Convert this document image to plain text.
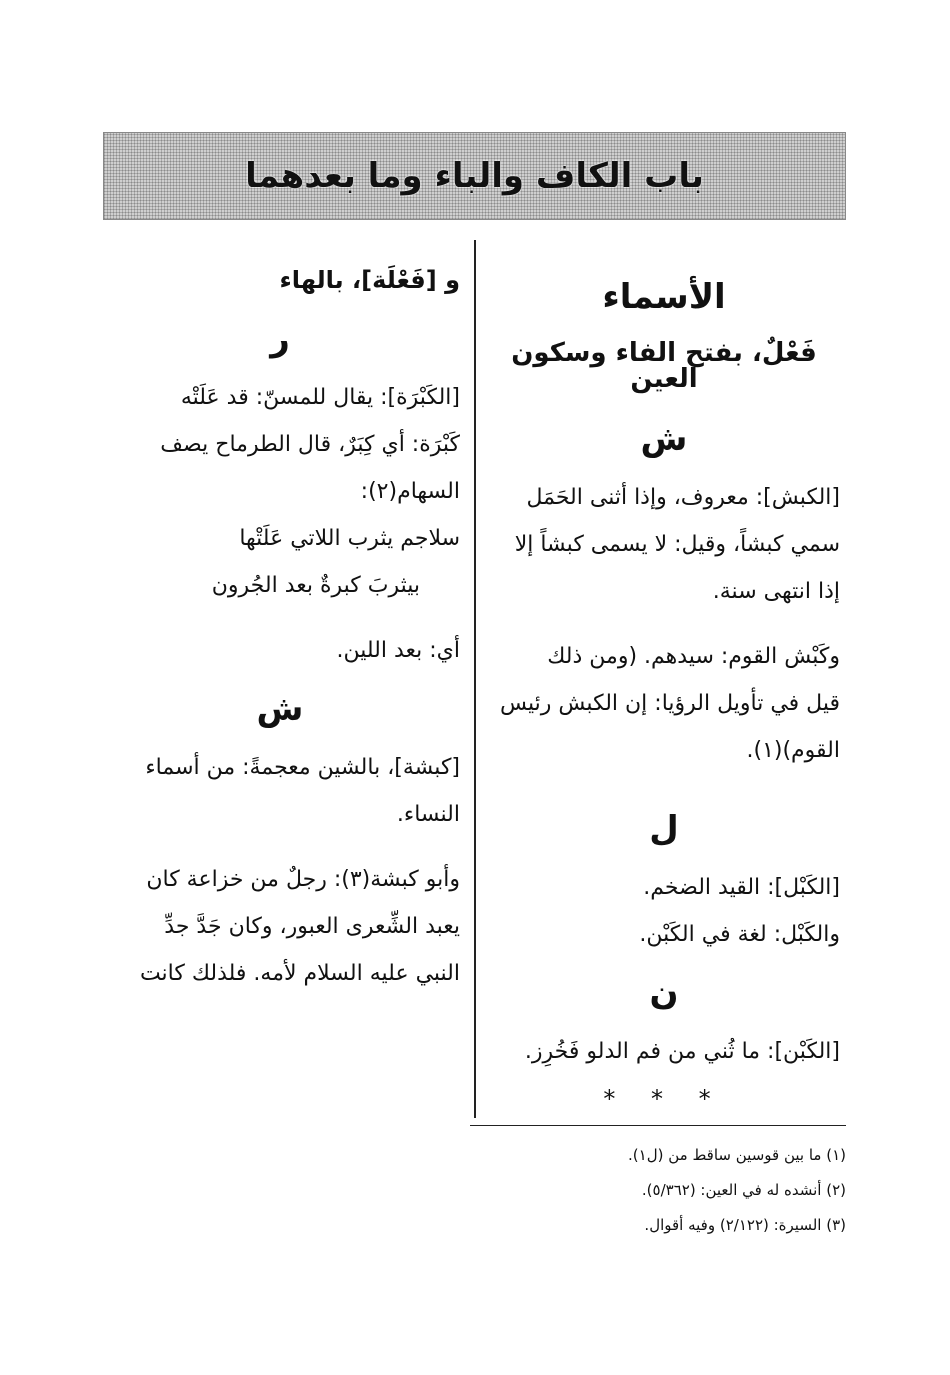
باب الكاف والباء وما بعدهما
الأسماء
فَعْلٌ، بفتح الفاء وسكون العين
ش

[الكبش]: معروف، وإذا أثنى الحَمَل
سمي كبشاً، وقيل: لا يسمى كبشاً إلا
إذا انتهى سنة.

وكَبْش القوم: سيدهم. (ومن ذلك
قيل في تأويل الرؤيا: إن الكبش رئيس
القوم)(١).

ل

[الكَبْل]: القيد الضخم.

والكَبْل: لغة في الكَبْن.

ن

[الكَبْن]: ما ثُني من فم الدلو فَخُرِز.

* * *
و [فَعْلَة]، بالهاء
ر

[الكَبْرَة]: يقال للمسنّ: قد عَلَتْه
كَبْرَة: أي كِبَرٌ، قال الطرماح يصف
السهام(٢):

سلاجم يثرب اللاتي عَلَتْها

بيثربَ كبرةٌ بعد الجُرون

أي: بعد اللين.

ش

[كبشة]، بالشين معجمةً: من أسماء
النساء.

وأبو كبشة(٣): رجلٌ من خزاعة كان
يعبد الشِّعرى العبور، وكان جَدَّ جدِّ
النبي عليه السلام لأمه. فلذلك كانت

(١) ما بين قوسين ساقط من (ل١).
(٢) أنشده له في العين: (٥/٣٦٢).
(٣) السيرة: (٢/١٢٢) وفيه أقوال.
